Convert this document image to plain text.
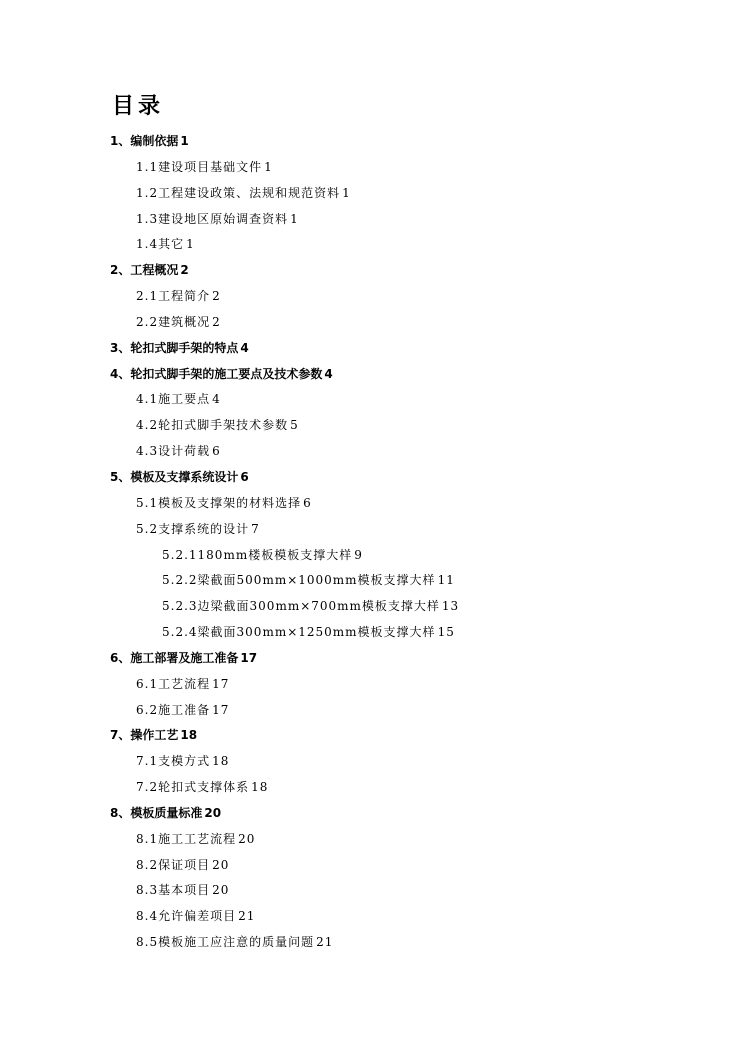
目录
1、编制依据 1
1.1建设项目基础文件 1
1.2工程建设政策、法规和规范资料 1
1.3建设地区原始调查资料 1
1.4其它 1
2、工程概况 2
2.1工程简介 2
2.2建筑概况 2
3、轮扣式脚手架的特点 4
4、轮扣式脚手架的施工要点及技术参数 4
4.1施工要点 4
4.2轮扣式脚手架技术参数 5
4.3设计荷载 6
5、模板及支撑系统设计 6
5.1模板及支撑架的材料选择 6
5.2支撑系统的设计 7
5.2.1180mm楼板模板支撑大样 9
5.2.2梁截面500mm×1000mm模板支撑大样 11
5.2.3边梁截面300mm×700mm模板支撑大样 13
5.2.4梁截面300mm×1250mm模板支撑大样 15
6、施工部署及施工准备 17
6.1工艺流程 17
6.2施工准备 17
7、操作工艺 18
7.1支模方式 18
7.2轮扣式支撑体系 18
8、模板质量标准 20
8.1施工工艺流程 20
8.2保证项目 20
8.3基本项目 20
8.4允许偏差项目 21
8.5模板施工应注意的质量问题 21
